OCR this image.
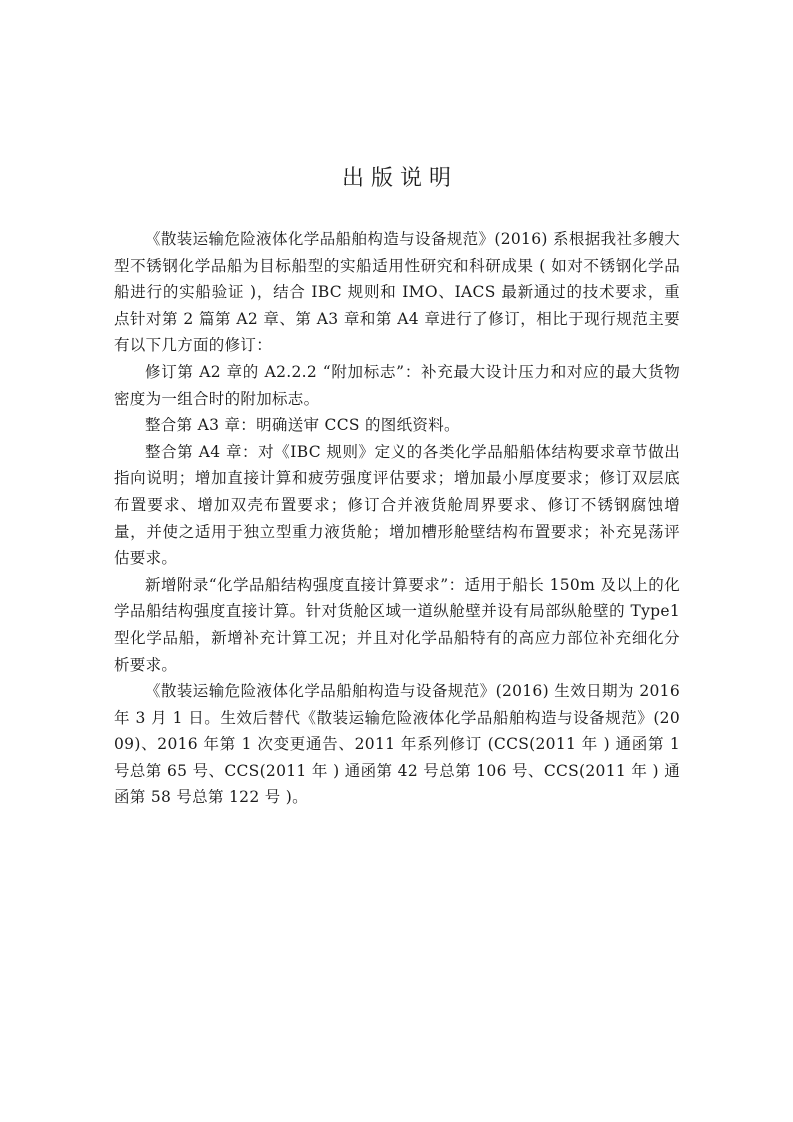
出版说明

《散装运输危险液体化学品船舶构造与设备规范》(2016) 系根据我社多艘大型不锈钢化学品船为目标船型的实船适用性研究和科研成果 ( 如对不锈钢化学品船进行的实船验证 )，结合 IBC 规则和 IMO、IACS 最新通过的技术要求，重点针对第 2 篇第 A2 章、第 A3 章和第 A4 章进行了修订，相比于现行规范主要有以下几方面的修订：

修订第 A2 章的 A2.2.2 “附加标志”：补充最大设计压力和对应的最大货物密度为一组合时的附加标志。

整合第 A3 章：明确送审 CCS 的图纸资料。

整合第 A4 章：对《IBC 规则》定义的各类化学品船船体结构要求章节做出指向说明；增加直接计算和疲劳强度评估要求；增加最小厚度要求；修订双层底布置要求、增加双壳布置要求；修订合并液货舱周界要求、修订不锈钢腐蚀增量，并使之适用于独立型重力液货舱；增加槽形舱壁结构布置要求；补充晃荡评估要求。

新增附录“化学品船结构强度直接计算要求”：适用于船长 150m 及以上的化学品船结构强度直接计算。针对货舱区域一道纵舱壁并设有局部纵舱壁的 Type1 型化学品船，新增补充计算工况；并且对化学品船特有的高应力部位补充细化分析要求。

《散装运输危险液体化学品船舶构造与设备规范》(2016) 生效日期为 2016 年 3 月 1 日。生效后替代《散装运输危险液体化学品船舶构造与设备规范》(2009)、2016 年第 1 次变更通告、2011 年系列修订 (CCS(2011 年 ) 通函第 1 号总第 65 号、CCS(2011 年 ) 通函第 42 号总第 106 号、CCS(2011 年 ) 通函第 58 号总第 122 号 )。
